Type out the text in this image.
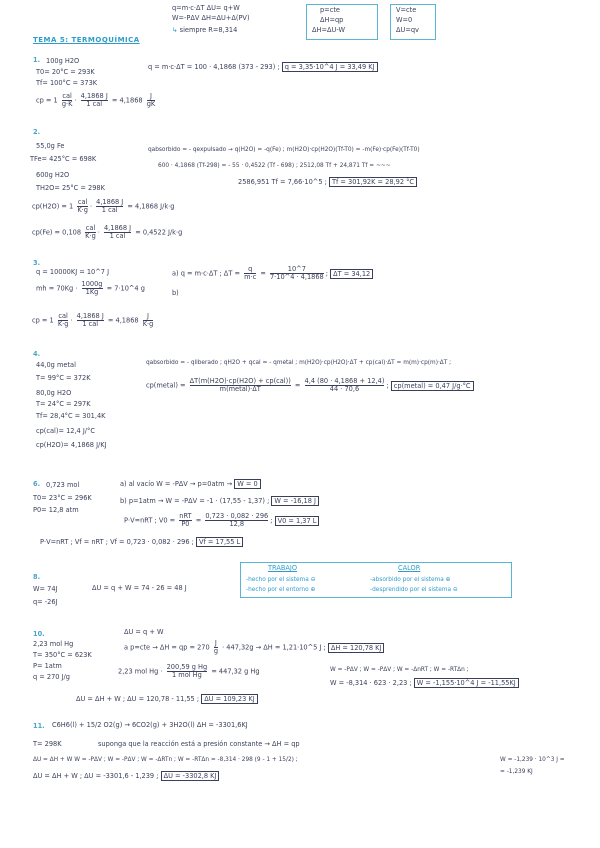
q=m·c·ΔT ΔU= q+W
W=-PΔV ΔH=ΔU+Δ(PV)
↳ siempre R=8,314
p=cte
ΔH=qp
ΔH=ΔU-W
V=cte
W=0
ΔU=qv
TEMA 5: TERMOQUÍMICA
1. 100g H2O
T0= 20°C = 293K
Tf= 100°C = 373K
q = m·c·ΔT = 100 · 4,1868 (373 - 293) ; q = 3,35·10^4 J = 33,49 KJ
cp = $1 \frac{\text{cal}}{g\cdot K} \cdot \frac{4,1868 J}{\text{1 cal}} = 4,1868 \frac{J}{gK}$
2.
55,0g Fe
TFe= 425°C = 698K
600g H2O
TH2O= 25°C = 298K
qabsorbido = - qexpulsado → q(H2O) = -q(Fe) ; m(H2O)·cp(H2O)(Tf-T0) = -m(Fe)·cp(Fe)(Tf-T0)
600 · 4,1868 (Tf-298) = - 55 · 0,4522 (Tf - 698) ; 2512,08 Tf + 24,871 Tf = ~~~
2586,951 Tf = 7,66·10^5 ; Tf = 301,92K = 28,92 °C
$cp(H2O) = 1 \frac{\text{cal}}{K\cdot g} \cdot \frac{4,1868 J}{\text{1 cal}} = 4,1868$ J/k·g
$cp(Fe) = 0,108 \frac{\text{cal}}{K\cdot g} \cdot \frac{4,1868 J}{\text{1 cal}} = 0,4522$ J/k·g
3.
q = 10000KJ = 10^7 J
mh = $70Kg \cdot \frac{1000g}{1Kg}$ = 7·10^4 g
a) q = m·c·ΔT ; $\Delta T = \frac{q}{m\cdot c} = \frac{10\^{}7}{7\cdot 10\^{}4 \cdot 4,1868}$ ; ΔT = 34,12
b)
cp = $1 \frac{\text{cal}}{K\cdot g} \cdot \frac{4,1868 J}{\text{1 cal}} = 4,1868 \frac{J}{K\cdot g}$
4.
44,0g metal
T= 99°C = 372K
80,0g H2O
T= 24°C = 297K
Tf= 28,4°C = 301,4K
cp(cal)= 12,4 J/°C
cp(H2O)= 4,1868 J/KJ
qabsorbido = - qliberado ; qH2O + qcal = - qmetal ; m(H2O)·cp(H2O)·ΔT + cp(cal)·ΔT = m(m)·cp(m)·ΔT ;
cp(metal) = $\frac{\text{ΔT(m(H2O)·cp(H2O) + cp(cal))}}{\text{m(metal)·ΔT}} = \frac{4,4 (80 \cdot 4,1868 + 12,4)}{44 \cdot 70,6}$ ; cp(metal) = 0,47 J/g·°C
6. 0,723 mol
T0= 23°C = 296K
P0= 12,8 atm
a) al vacío W = -PΔV → p=0atm → W = 0
b) p=1atm → W = -PΔV = -1 · (17,55 - 1,37) ; W = -16,18 J
P·V=nRT ; $V0 = \frac{\text{nRT}}{P0} = \frac{0,723 \cdot 0,082 \cdot 296}{12,8}$ ; V0 = 1,37 L
P·V=nRT ; Vf = nRT ; Vf = 0,723 · 0,082 · 296 ; Vf = 17,55 L
8.
W= 74J
q= -26J
ΔU = q + W = 74 - 26 = 48 J
TRABAJO
-hecho por el sistema ⊖
-hecho por el entorno ⊕
CALOR
-absorbido por el sistema ⊕
-desprendido por el sistema ⊖
10.
2,23 mol Hg
T= 350°C = 623K
P= 1atm
q = 270 J/g
ΔU = q + W
a p=cte → ΔH = qp = $270 \frac{J}{g} \cdot 447,32g \to \Delta H$ = 1,21·10^5 J ; ΔH = 120,78 KJ
2,23 mol $Hg \cdot \frac{\text{200,59 g Hg}}{\text{1 mol Hg}} = 447,32$ g Hg	W = -PΔV ; W = -PΔV ; W = -ΔnRT ; W = -RTΔn ;
W = -8,314 · 623 · 2,23 ; W = -1,155·10^4 J = -11,55KJ
ΔU = ΔH + W ; ΔU = 120,78 - 11,55 ; ΔU = 109,23 KJ
11. C6H6(l) + 15/2 O2(g) → 6CO2(g) + 3H2O(l) ΔH = -3301,6KJ
T= 298K	suponga que la reacción está a presión constante → ΔH = qp
ΔU = ΔH + W W = -PΔV ; W = -PΔV ; W = -ΔRTn ; W = -RTΔn = -8,314 · 298 (9 - 1 + 15/2) ;
ΔU = ΔH + W ; ΔU = -3301,6 - 1,239 ; ΔU = -3302,8 KJ
W = -1,239 · 10^3 J =
= -1,239 KJ
